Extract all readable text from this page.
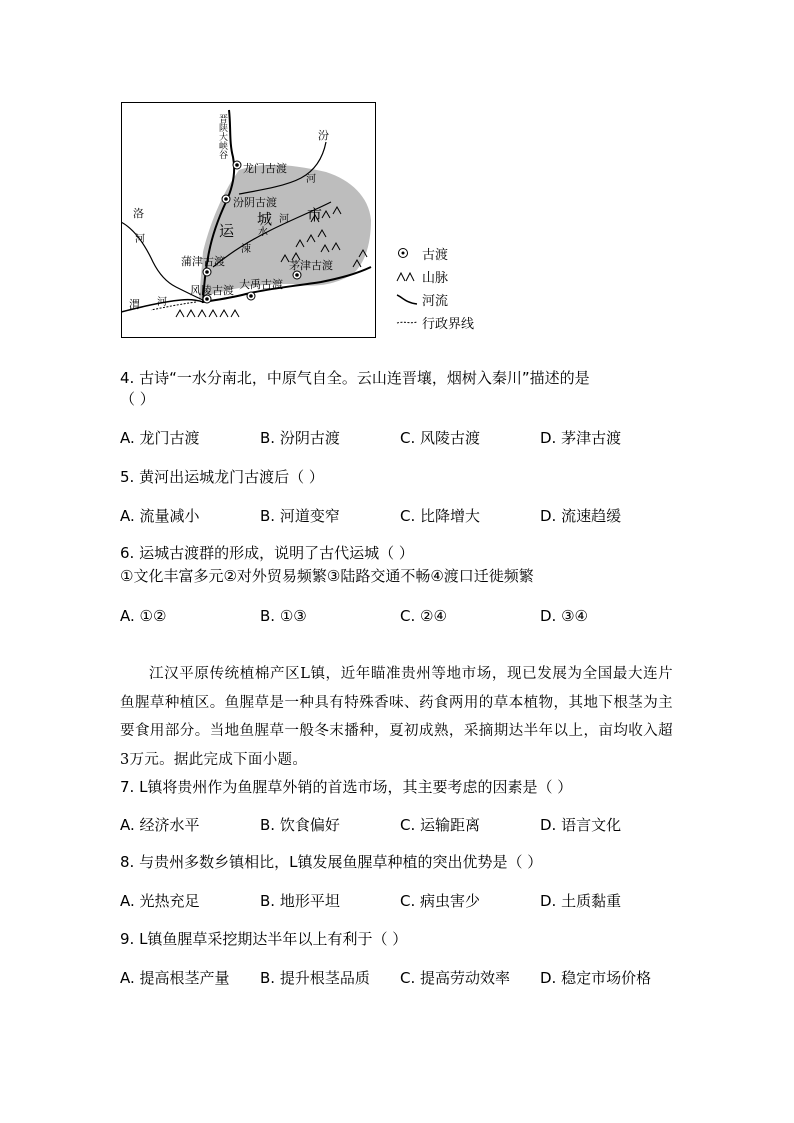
晋陕大峡谷	汾
河
龙门古渡
汾阴古渡
运
城 市
河
水
涑
洛
河
蒲津古渡	茅津古渡
风陵古渡 大禹古渡
渭 河
古渡
山脉
河流
行政界线
4. 古诗“一水分南北，中原气自全。云山连晋壤，烟树入秦川”描述的是
（ ）
A. 龙门古渡	B. 汾阴古渡	C. 风陵古渡	D. 茅津古渡
5. 黄河出运城龙门古渡后（ ）
A. 流量减小	B. 河道变窄	C. 比降增大	D. 流速趋缓
6. 运城古渡群的形成，说明了古代运城（ ）
①文化丰富多元②对外贸易频繁③陆路交通不畅④渡口迁徙频繁
A. ①②	B. ①③	C. ②④	D. ③④
江汉平原传统植棉产区L镇，近年瞄准贵州等地市场，现已发展为全国最大连片鱼腥草种植区。鱼腥草是一种具有特殊香味、药食两用的草本植物，其地下根茎为主要食用部分。当地鱼腥草一般冬末播种，夏初成熟，采摘期达半年以上，亩均收入超3万元。据此完成下面小题。
7. L镇将贵州作为鱼腥草外销的首选市场，其主要考虑的因素是（ ）
A. 经济水平	B. 饮食偏好	C. 运输距离	D. 语言文化
8. 与贵州多数乡镇相比，L镇发展鱼腥草种植的突出优势是（ ）
A. 光热充足	B. 地形平坦	C. 病虫害少	D. 土质黏重
9. L镇鱼腥草采挖期达半年以上有利于（ ）
A. 提高根茎产量 B. 提升根茎品质 C. 提高劳动效率 D. 稳定市场价格
